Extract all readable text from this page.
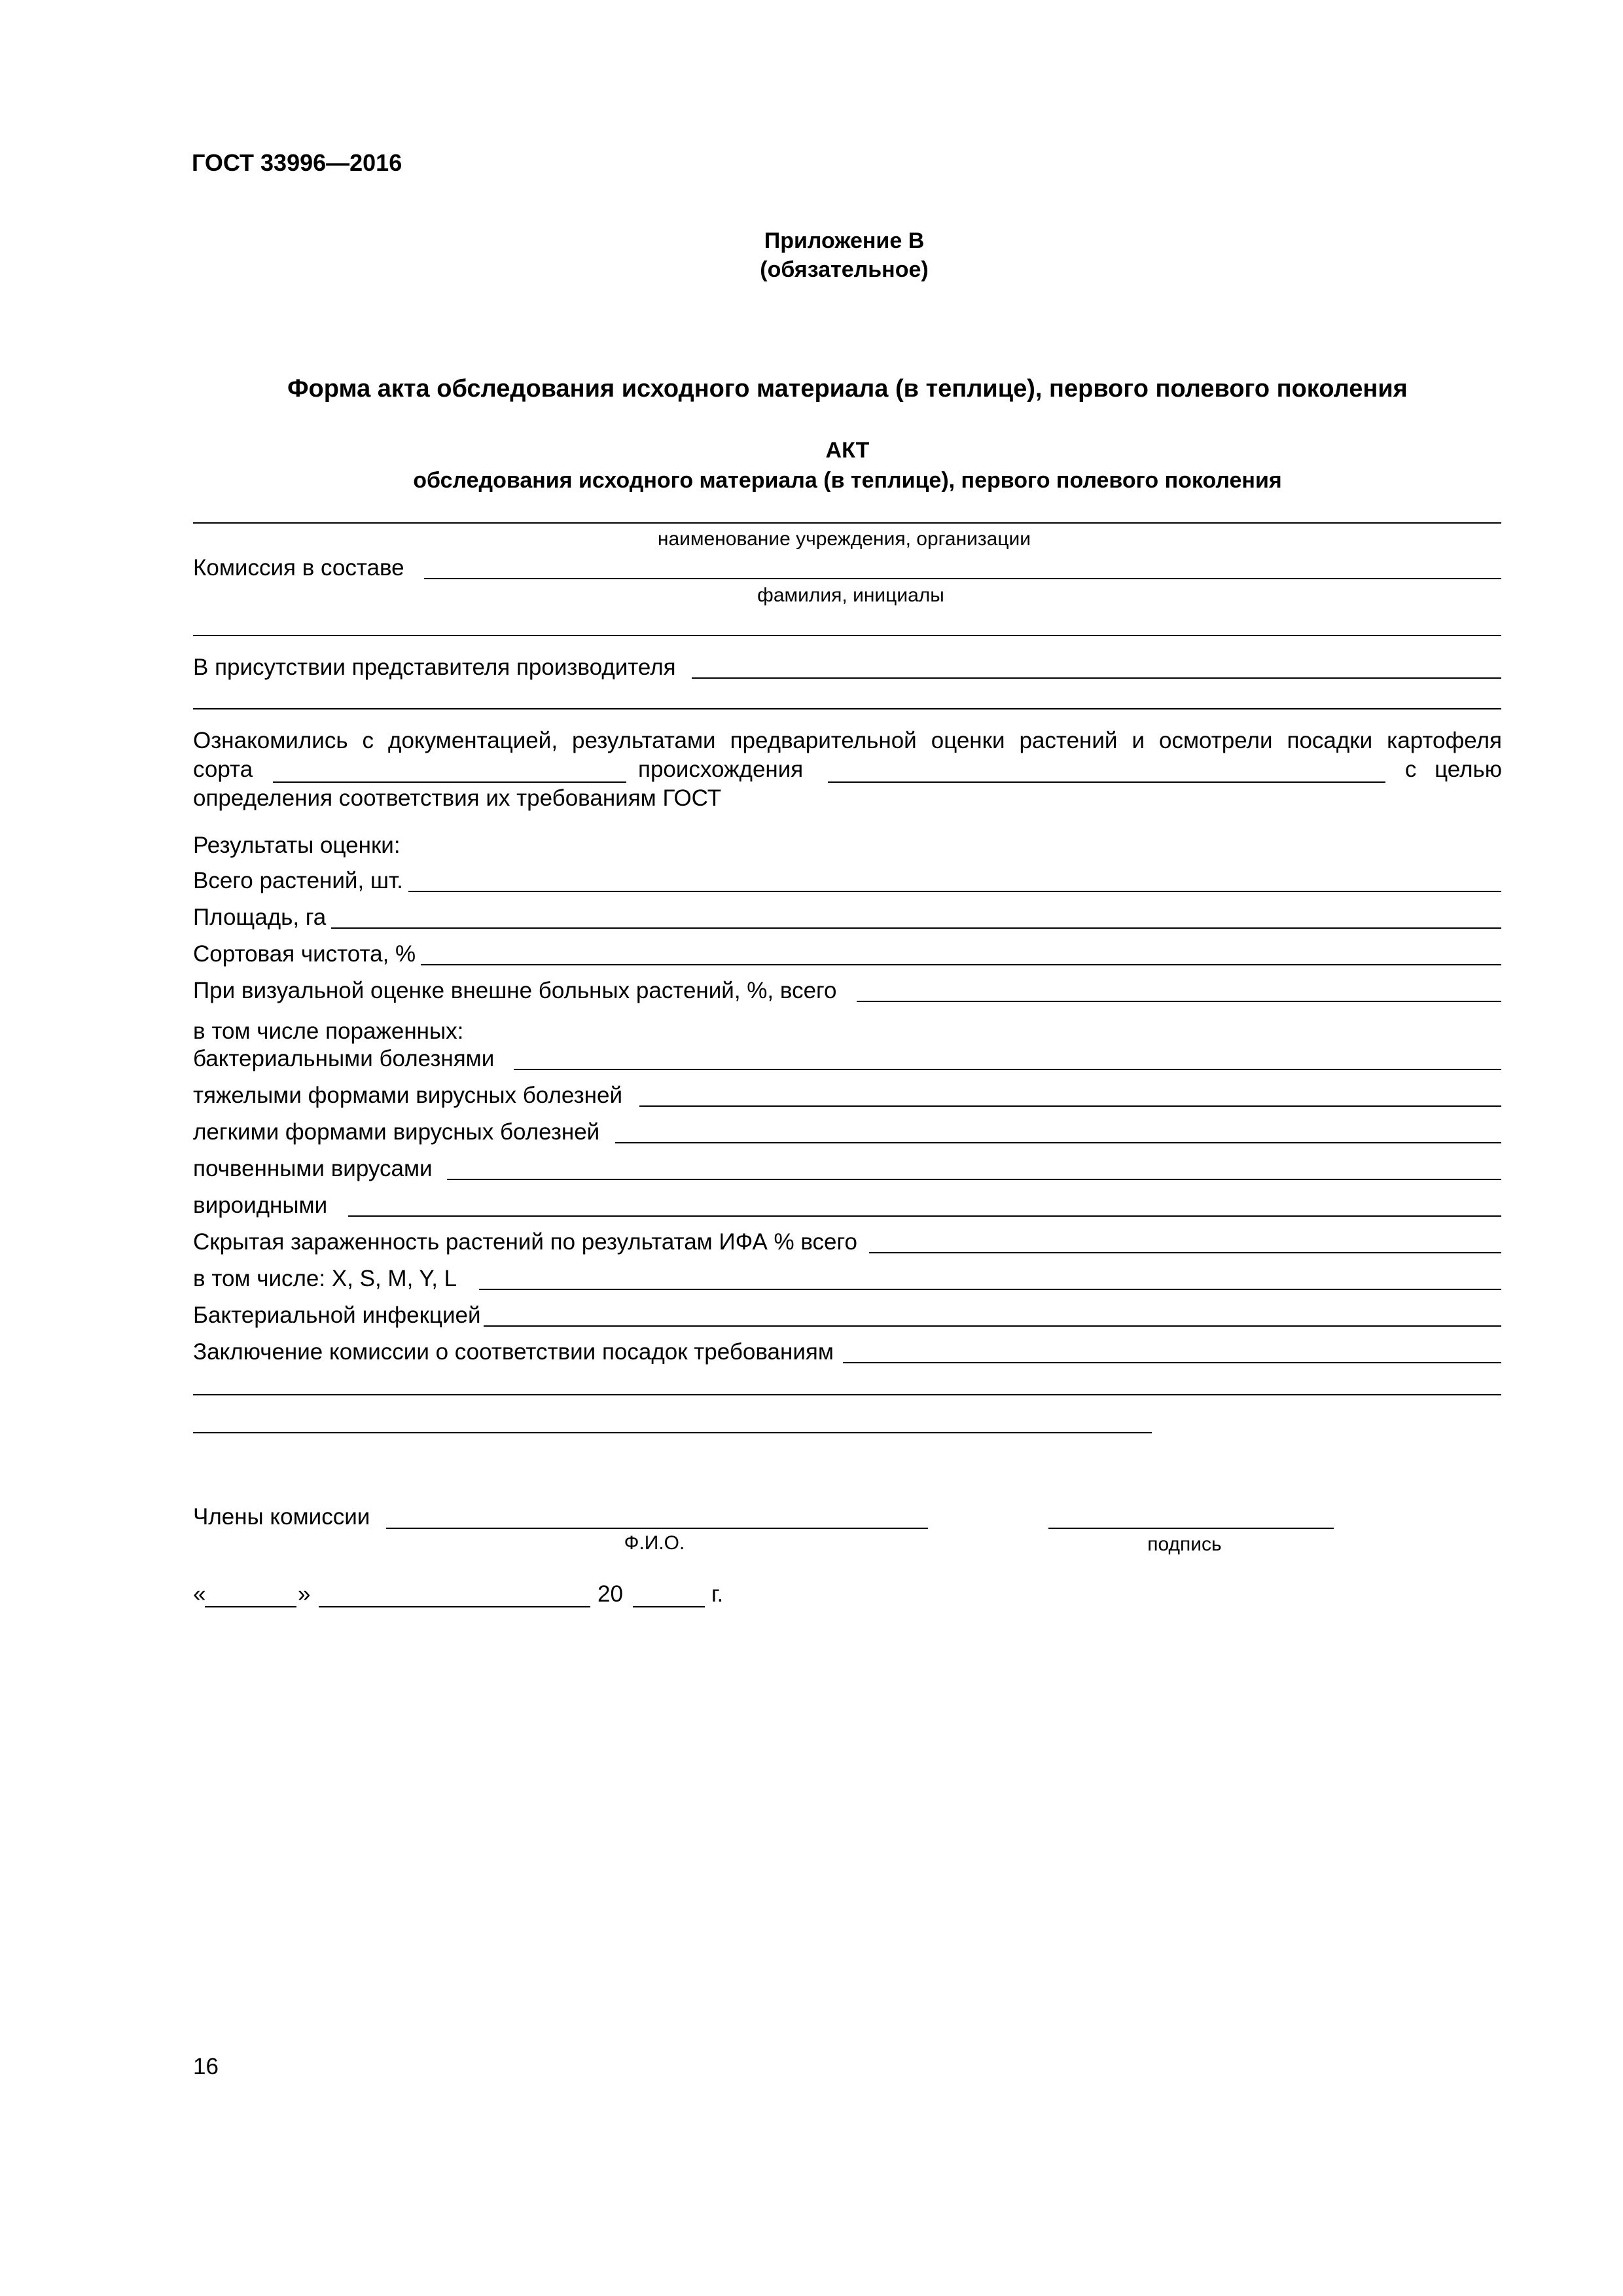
ГОСТ 33996—2016
Приложение В
(обязательное)
Форма акта обследования исходного материала (в теплице), первого полевого поколения
АКТ
обследования исходного материала (в теплице), первого полевого поколения
наименование учреждения, организации
Комиссия в составе
фамилия, инициалы
В присутствии представителя производителя
Ознакомились с документацией, результатами предварительной оценки растений и осмотрели посадки картофеля
сорта	происхождения	с целью
определения соответствия их требованиям ГОСТ
Результаты оценки:
Всего растений, шт.
Площадь, га
Сортовая чистота, %
При визуальной оценке внешне больных растений, %, всего
в том числе пораженных:
бактериальными болезнями
тяжелыми формами вирусных болезней
легкими формами вирусных болезней
почвенными вирусами
вироидными
Скрытая зараженность растений по результатам ИФА % всего
в том числе: X, S, M, Y, L
Бактериальной инфекцией
Заключение комиссии о соответствии посадок требованиям
Члены комиссии
Ф.И.О.	подпись
«	»	20	г.
16
